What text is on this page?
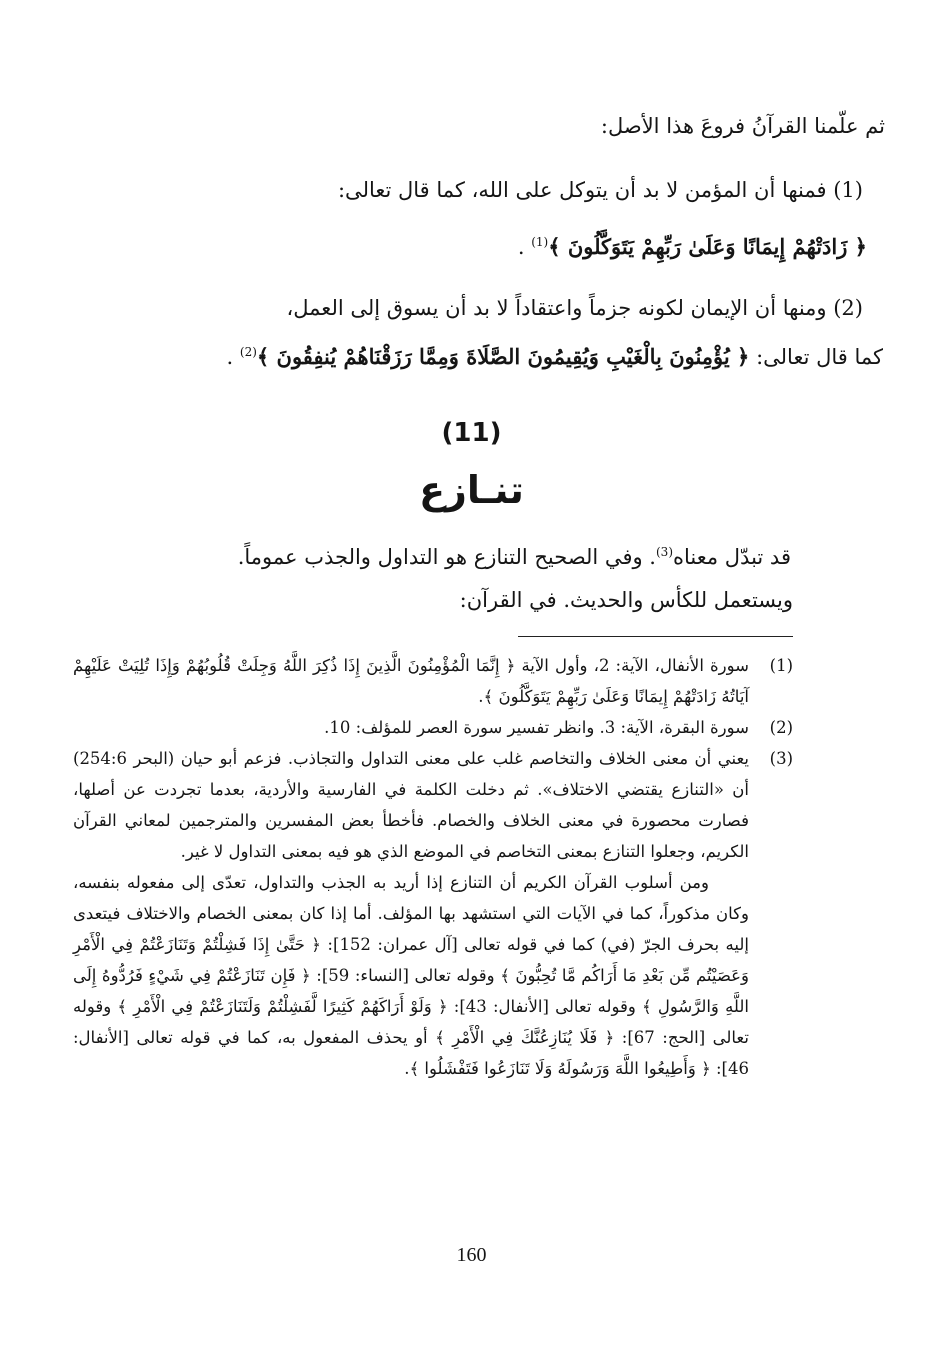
ثم علّمنا القرآنُ فروعَ هذا الأصل:

(1) فمنها أن المؤمن لا بد أن يتوكل على الله، كما قال تعالى:

﴿ زَادَتْهُمْ إِيمَانًا وَعَلَىٰ رَبِّهِمْ يَتَوَكَّلُونَ ﴾$^{(1)}$ .

(2) ومنها أن الإيمان لكونه جزماً واعتقاداً لا بد أن يسوق إلى العمل،

كما قال تعالى: ﴿ يُؤْمِنُونَ بِالْغَيْبِ وَيُقِيمُونَ الصَّلَاةَ وَمِمَّا رَزَقْنَاهُمْ يُنفِقُونَ ﴾$^{(2)}$ .

(11)
تنـازع

قد تبدّل معناه$^{(3)}$. وفي الصحيح التنازع هو التداول والجذب عموماً.

ويستعمل للكأس والحديث. في القرآن:

(1)
سورة الأنفال، الآية: 2، وأول الآية ﴿ إِنَّمَا الْمُؤْمِنُونَ الَّذِينَ إِذَا ذُكِرَ اللَّهُ وَجِلَتْ قُلُوبُهُمْ وَإِذَا تُلِيَتْ عَلَيْهِمْ آيَاتُهُ زَادَتْهُمْ إِيمَانًا وَعَلَىٰ رَبِّهِمْ يَتَوَكَّلُونَ ﴾.

(2)
سورة البقرة، الآية: 3. وانظر تفسير سورة العصر للمؤلف: 10.

(3)
يعني أن معنى الخلاف والتخاصم غلب على معنى التداول والتجاذب. فزعم أبو حيان (البحر 254:6) أن «التنازع يقتضي الاختلاف». ثم دخلت الكلمة في الفارسية والأردية، بعدما تجردت عن أصلها، فصارت محصورة في معنى الخلاف والخصام. فأخطأ بعض المفسرين والمترجمين لمعاني القرآن الكريم، وجعلوا التنازع بمعنى التخاصم في الموضع الذي هو فيه بمعنى التداول لا غير.

ومن أسلوب القرآن الكريم أن التنازع إذا أريد به الجذب والتداول، تعدّى إلى مفعوله بنفسه، وكان مذكوراً، كما في الآيات التي استشهد بها المؤلف. أما إذا كان بمعنى الخصام والاختلاف فيتعدى إليه بحرف الجرّ (في) كما في قوله تعالى [آل عمران: 152]: ﴿ حَتَّىٰ إِذَا فَشِلْتُمْ وَتَنَازَعْتُمْ فِي الْأَمْرِ وَعَصَيْتُم مِّن بَعْدِ مَا أَرَاكُم مَّا تُحِبُّونَ ﴾ وقوله تعالى [النساء: 59]: ﴿ فَإِن تَنَازَعْتُمْ فِي شَيْءٍ فَرُدُّوهُ إِلَى اللَّهِ وَالرَّسُولِ ﴾ وقوله تعالى [الأنفال: 43]: ﴿ وَلَوْ أَرَاكَهُمْ كَثِيرًا لَّفَشِلْتُمْ وَلَتَنَازَعْتُمْ فِي الْأَمْرِ ﴾ وقوله تعالى [الحج: 67]: ﴿ فَلَا يُنَازِعُنَّكَ فِي الْأَمْرِ ﴾ أو يحذف المفعول به، كما في قوله تعالى [الأنفال: 46]: ﴿ وَأَطِيعُوا اللَّهَ وَرَسُولَهُ وَلَا تَنَازَعُوا فَتَفْشَلُوا ﴾.

160
